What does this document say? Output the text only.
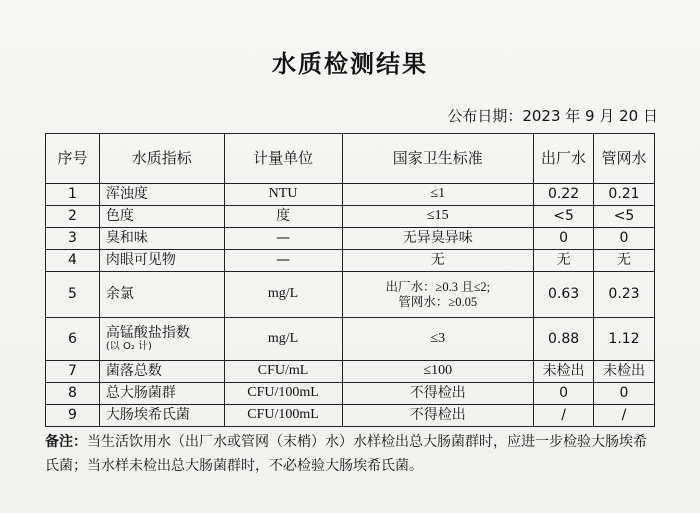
水质检测结果
公布日期：2023 年 9 月 20 日
序号	水质指标	计量单位	国家卫生标准	出厂水	管网水
1	浑浊度	NTU	≤1	0.22	0.21
2	色度	度	≤15	<5	<5
3	臭和味	—	无异臭异味	0	0
4	肉眼可见物	—	无	无	无
5	余氯	mg/L	出厂水：≥0.3 且≤2;
管网水：≥0.05	0.63	0.23
6	高锰酸盐指数
(以 O₂ 计)	mg/L	≤3	0.88	1.12
7	菌落总数	CFU/mL	≤100	未检出	未检出
8	总大肠菌群	CFU/100mL	不得检出	0	0
9	大肠埃希氏菌	CFU/100mL	不得检出	/	/
备注：当生活饮用水（出厂水或管网（末梢）水）水样检出总大肠菌群时，应进一步检验大肠埃希氏菌；当水样未检出总大肠菌群时，不必检验大肠埃希氏菌。
